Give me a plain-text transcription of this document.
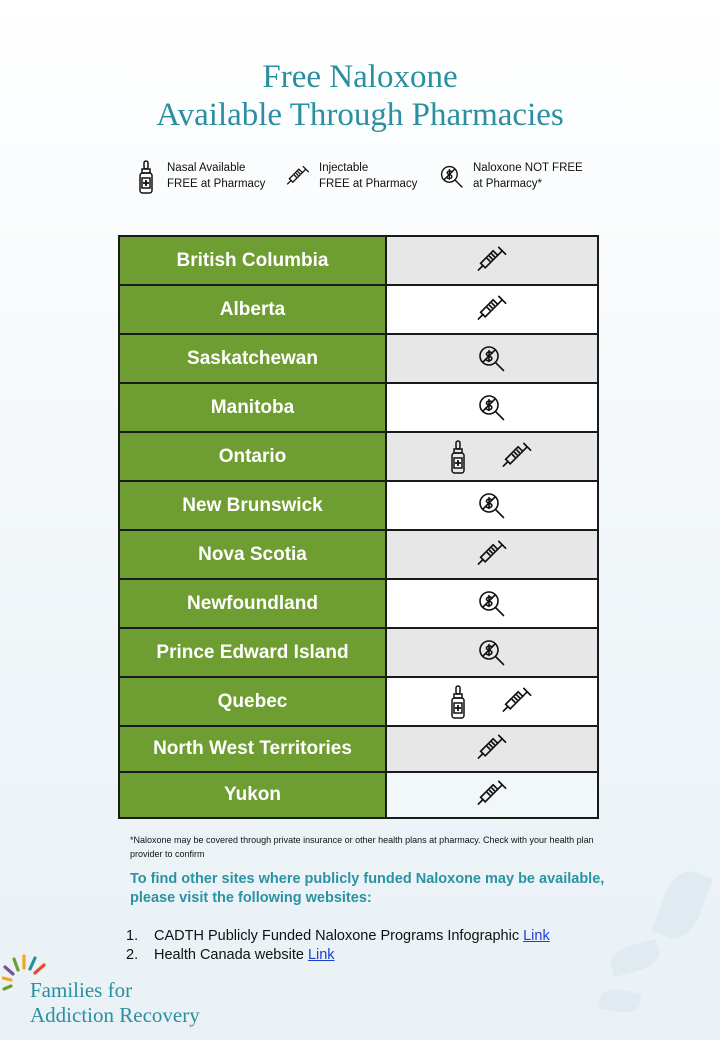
Free Naloxone
Available Through Pharmacies
Nasal Available
FREE at Pharmacy
Injectable
FREE at Pharmacy
Naloxone NOT FREE
at Pharmacy*
British Columbia	

Alberta	

Saskatchewan	

Manitoba	

Ontario	

New Brunswick	

Nova Scotia	

Newfoundland	

Prince Edward Island	

Quebec	

North West Territories	

Yukon	

*Naloxone may be covered through private insurance or other health plans at pharmacy. Check with your health plan provider to confirm

To find other sites where publicly funded Naloxone may be available, please visit the following websites:

1.	CADTH Publicly Funded Naloxone Programs Infographic Link
2.	Health Canada website Link
Families for
Addiction Recovery
